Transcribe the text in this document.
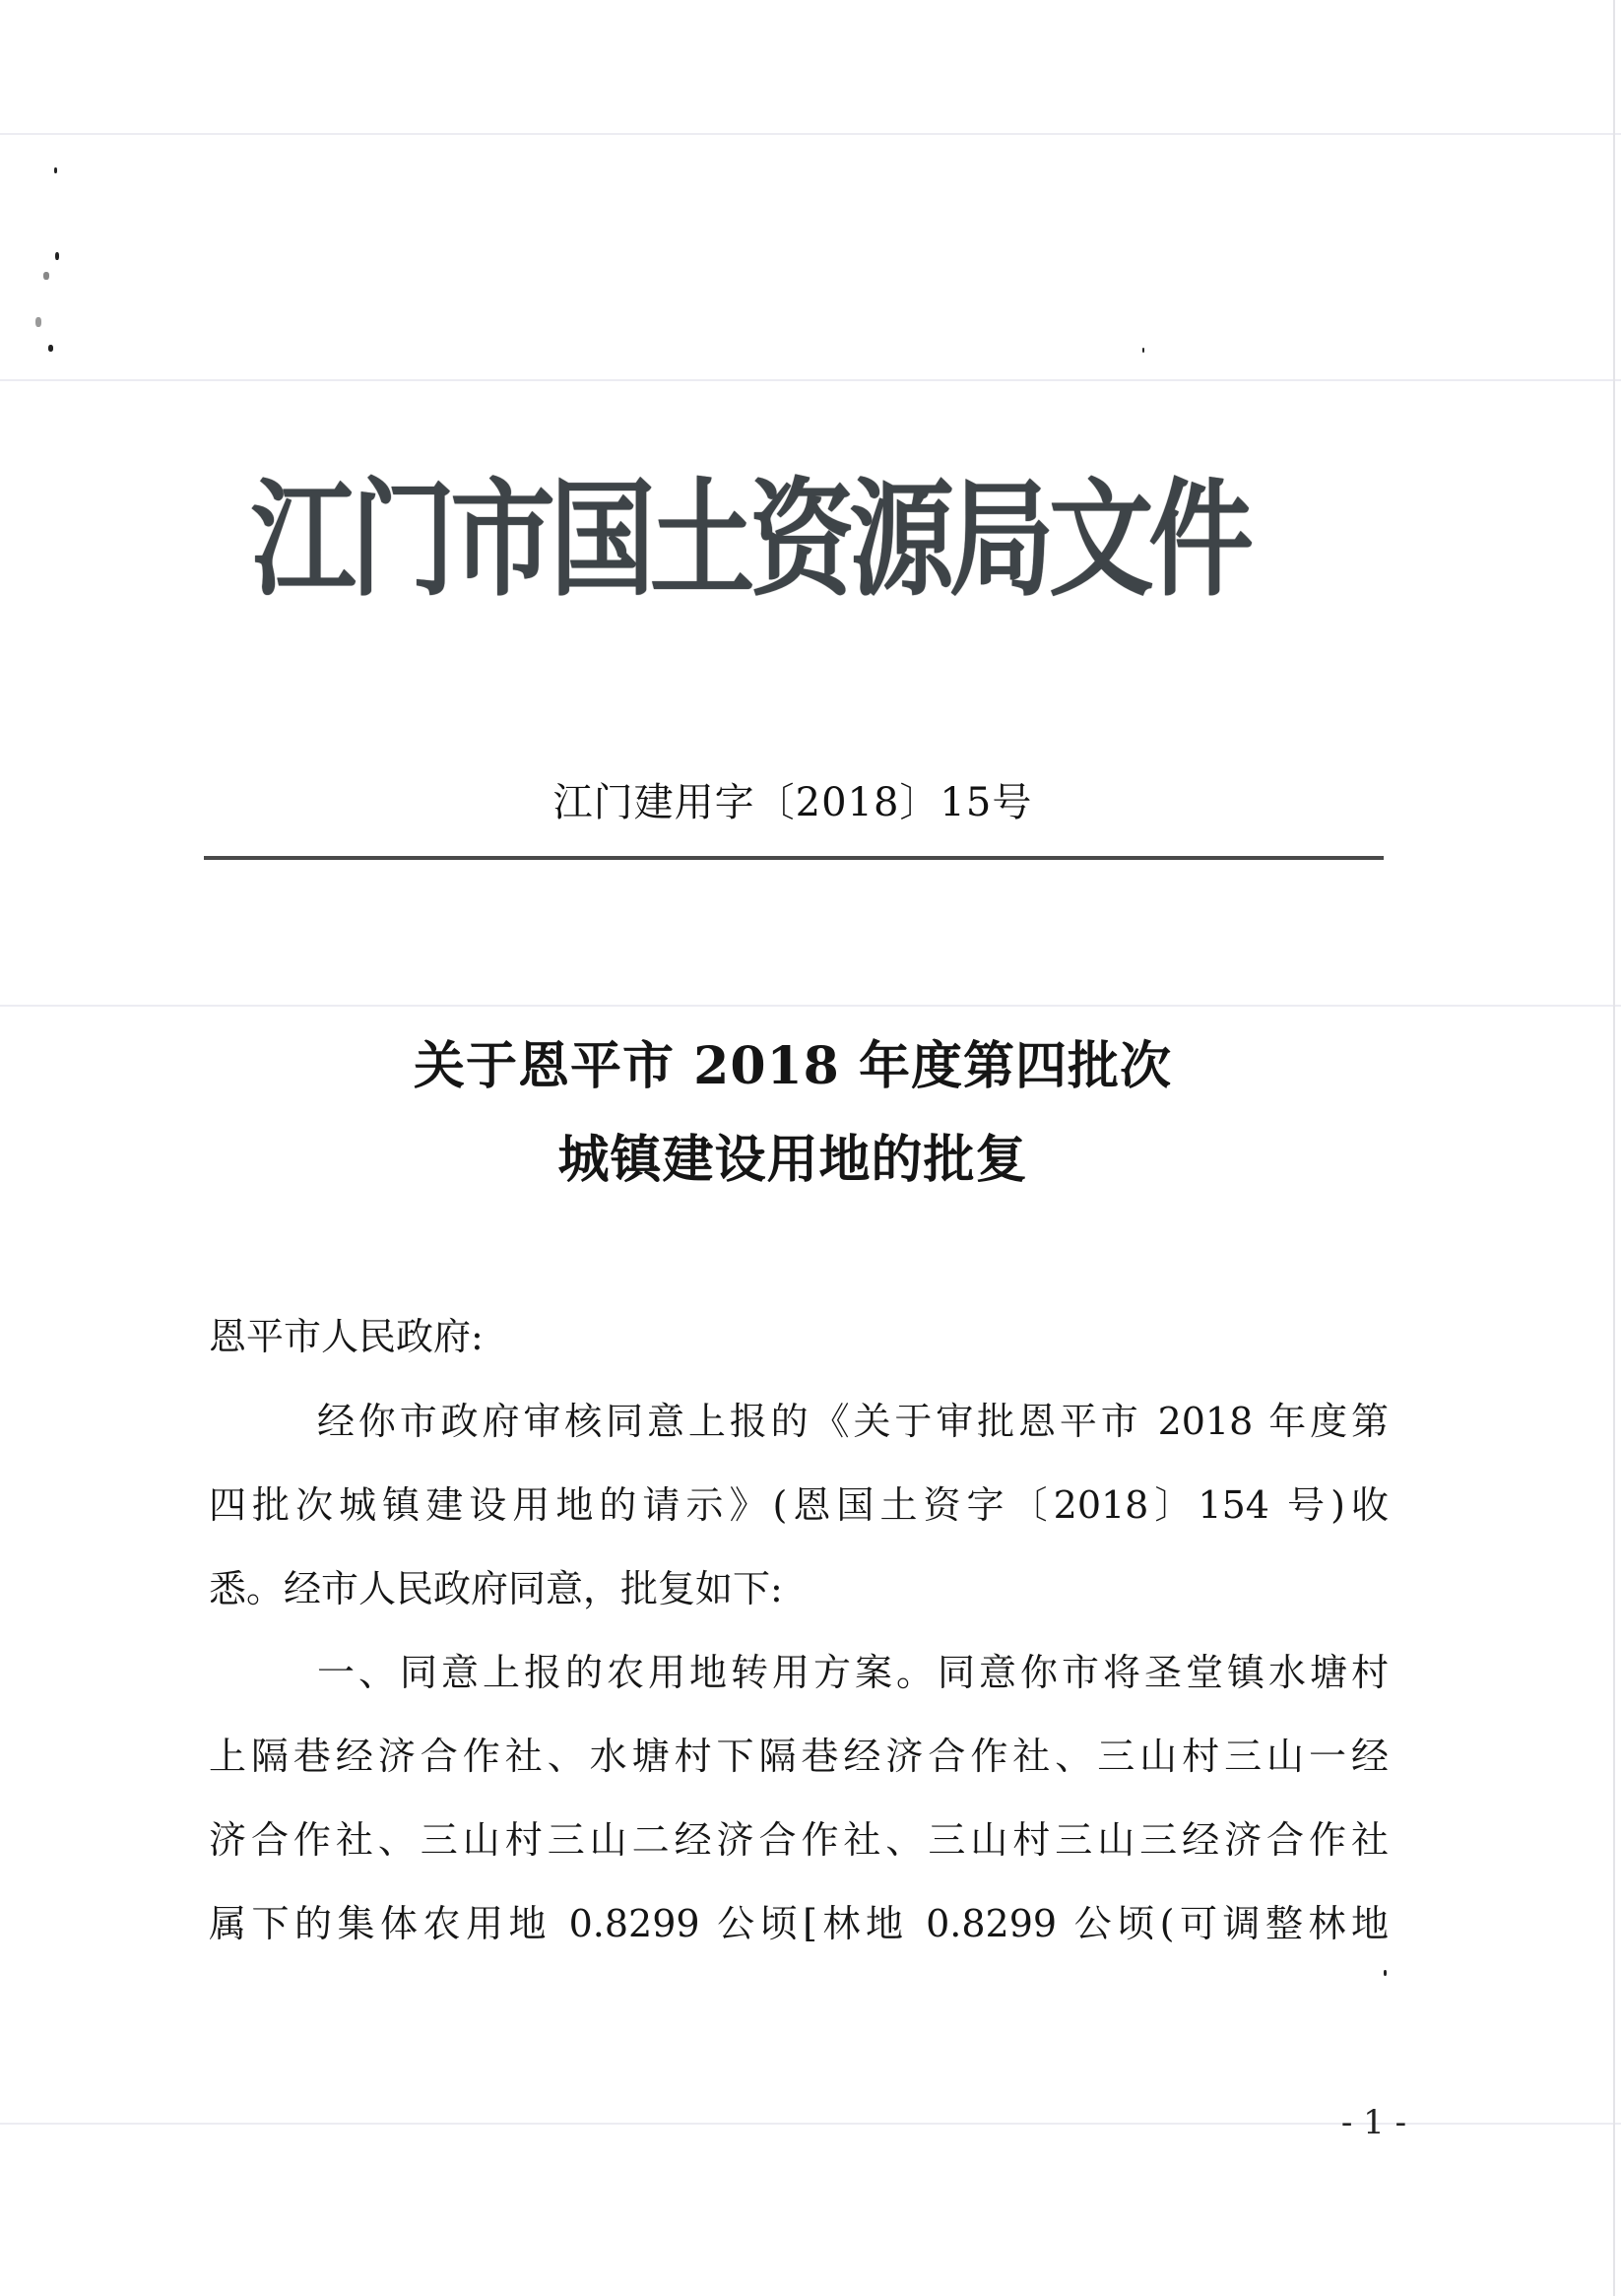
江门市国土资源局文件
江门建用字〔2018〕15号
关于恩平市 2018 年度第四批次
城镇建设用地的批复
恩平市人民政府:
经你市政府审核同意上报的《关于审批恩平市 2018 年度第
四批次城镇建设用地的请示》(恩国土资字〔2018〕154 号)收
悉。经市人民政府同意，批复如下:
一、同意上报的农用地转用方案。同意你市将圣堂镇水塘村
上隔巷经济合作社、水塘村下隔巷经济合作社、三山村三山一经
济合作社、三山村三山二经济合作社、三山村三山三经济合作社
属下的集体农用地 0.8299 公顷[林地 0.8299 公顷(可调整林地
- 1 -
